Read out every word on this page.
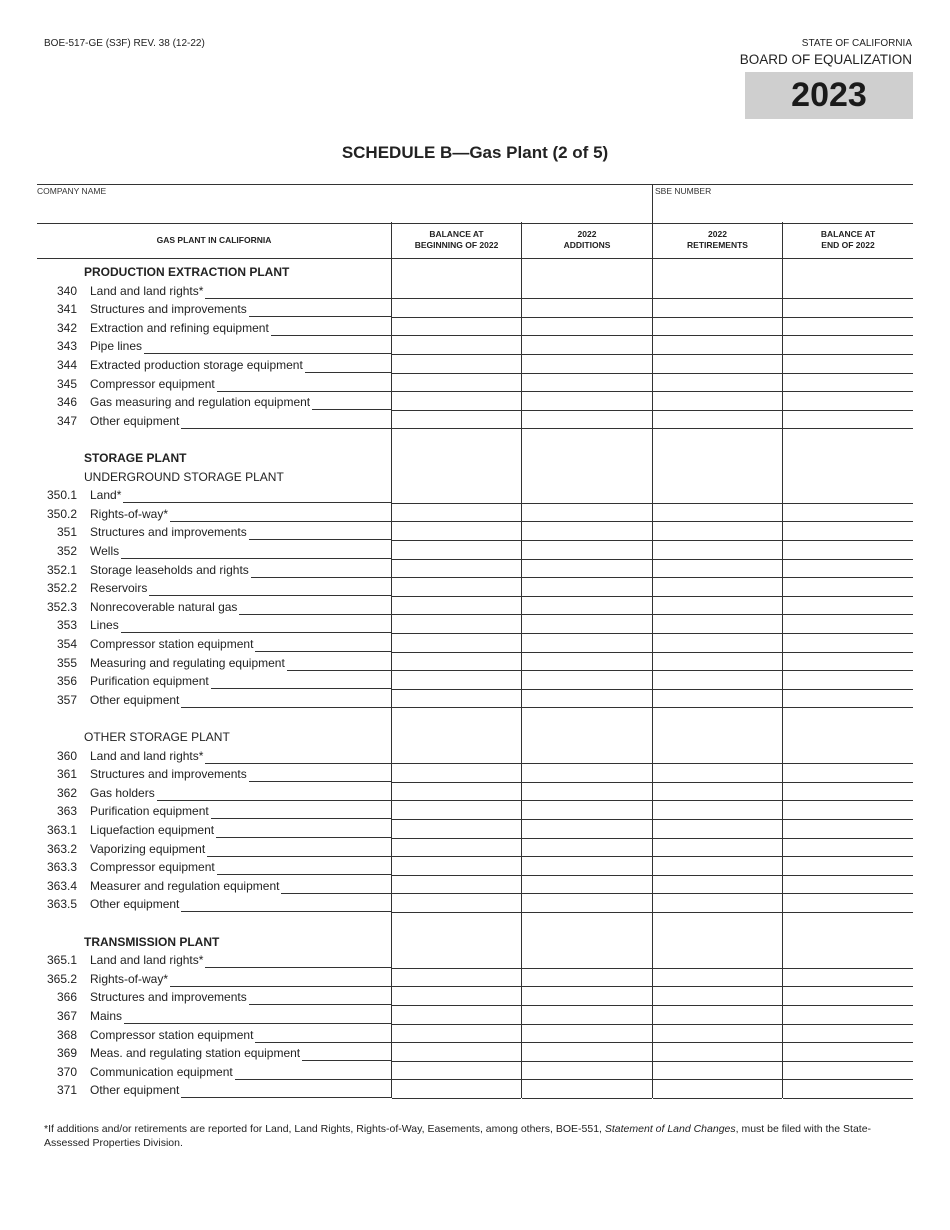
BOE-517-GE (S3F) REV. 38 (12-22)	STATE OF CALIFORNIA
BOARD OF EQUALIZATION
2023
SCHEDULE B—Gas Plant (2 of 5)
COMPANY NAME	SBE NUMBER
GAS PLANT IN CALIFORNIA
BALANCE AT
BEGINNING OF 2022
2022
ADDITIONS
2022
RETIREMENTS
BALANCE AT
END OF 2022
PRODUCTION EXTRACTION PLANT
340 Land and land rights*
341 Structures and improvements
342 Extraction and refining equipment
343 Pipe lines
344 Extracted production storage equipment
345 Compressor equipment
346 Gas measuring and regulation equipment
347 Other equipment
STORAGE PLANT
UNDERGROUND STORAGE PLANT
350.1 Land*
350.2 Rights-of-way*
351 Structures and improvements
352 Wells
352.1 Storage leaseholds and rights
352.2 Reservoirs
352.3 Nonrecoverable natural gas
353 Lines
354 Compressor station equipment
355 Measuring and regulating equipment
356 Purification equipment
357 Other equipment
OTHER STORAGE PLANT
360 Land and land rights*
361 Structures and improvements
362 Gas holders
363 Purification equipment
363.1 Liquefaction equipment
363.2 Vaporizing equipment
363.3 Compressor equipment
363.4 Measurer and regulation equipment
363.5 Other equipment
TRANSMISSION PLANT
365.1 Land and land rights*
365.2 Rights-of-way*
366 Structures and improvements
367 Mains
368 Compressor station equipment
369 Meas. and regulating station equipment
370 Communication equipment
371 Other equipment
*If additions and/or retirements are reported for Land, Land Rights, Rights-of-Way, Easements, among others, BOE-551, Statement of Land Changes, must be filed with the State-Assessed Properties Division.
